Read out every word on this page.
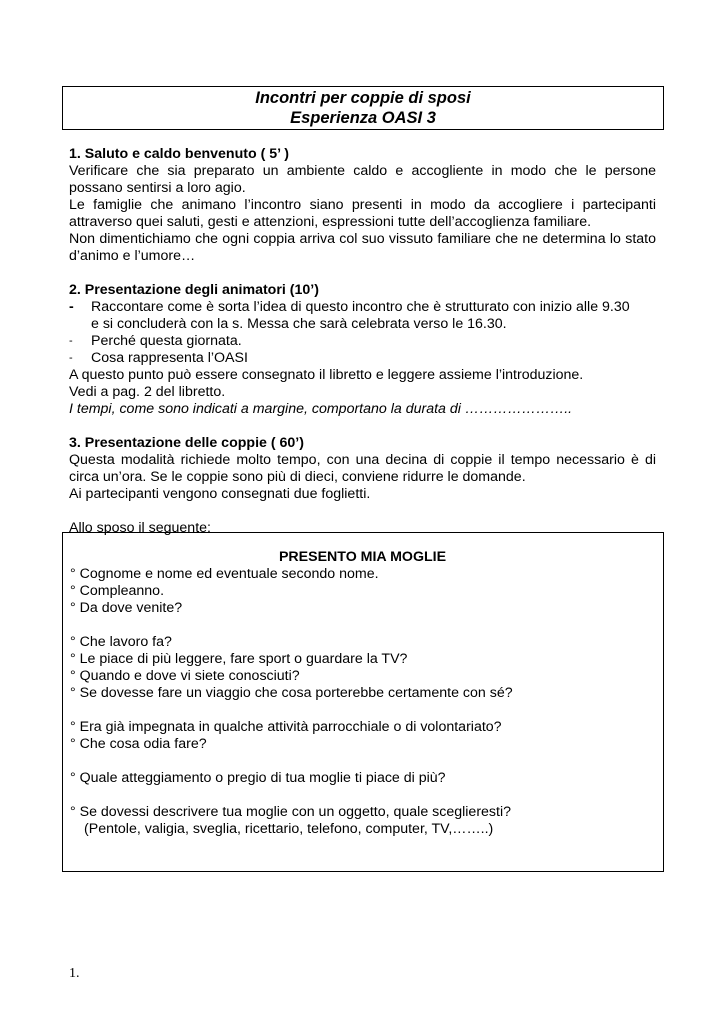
Incontri per coppie di sposi
Esperienza OASI 3
1. Saluto e caldo benvenuto ( 5’ )

Verificare che sia preparato un ambiente caldo e accogliente in modo che le persone possano sentirsi a loro agio.

Le famiglie che animano l’incontro siano presenti in modo da accogliere i partecipanti attraverso quei saluti, gesti e attenzioni, espressioni tutte dell’accoglienza familiare.

Non dimentichiamo che ogni coppia arriva col suo vissuto familiare che ne determina lo stato d’animo e l’umore…

2. Presentazione degli animatori (10’)
-	Raccontare come è sorta l’idea di questo incontro che è strutturato con inizio alle 9.30

e si concluderà con la s. Messa che sarà celebrata verso le 16.30.

-	Perché questa giornata.
-	Cosa rappresenta l’OASI

A questo punto può essere consegnato il libretto e leggere assieme l’introduzione.

Vedi a pag. 2 del libretto.

I tempi, come sono indicati a margine, comportano la durata di …………………..

3. Presentazione delle coppie ( 60’)

Questa modalità richiede molto tempo, con una decina di coppie il tempo necessario è di circa un’ora. Se le coppie sono più di dieci, conviene ridurre le domande.

Ai partecipanti vengono consegnati due foglietti.

Allo sposo il seguente:

PRESENTO MIA MOGLIE

° Cognome e nome ed eventuale secondo nome.

° Compleanno.

° Da dove venite?

° Che lavoro fa?

° Le piace di più leggere, fare sport o guardare la TV?

° Quando e dove vi siete conosciuti?

° Se dovesse fare un viaggio che cosa porterebbe certamente con sé?

° Era già impegnata in qualche attività parrocchiale o di volontariato?

° Che cosa odia fare?

° Quale atteggiamento o pregio di tua moglie ti piace di più?

° Se dovessi descrivere tua moglie con un oggetto, quale sceglieresti?

(Pentole, valigia, sveglia, ricettario, telefono, computer, TV,……..)

1.
